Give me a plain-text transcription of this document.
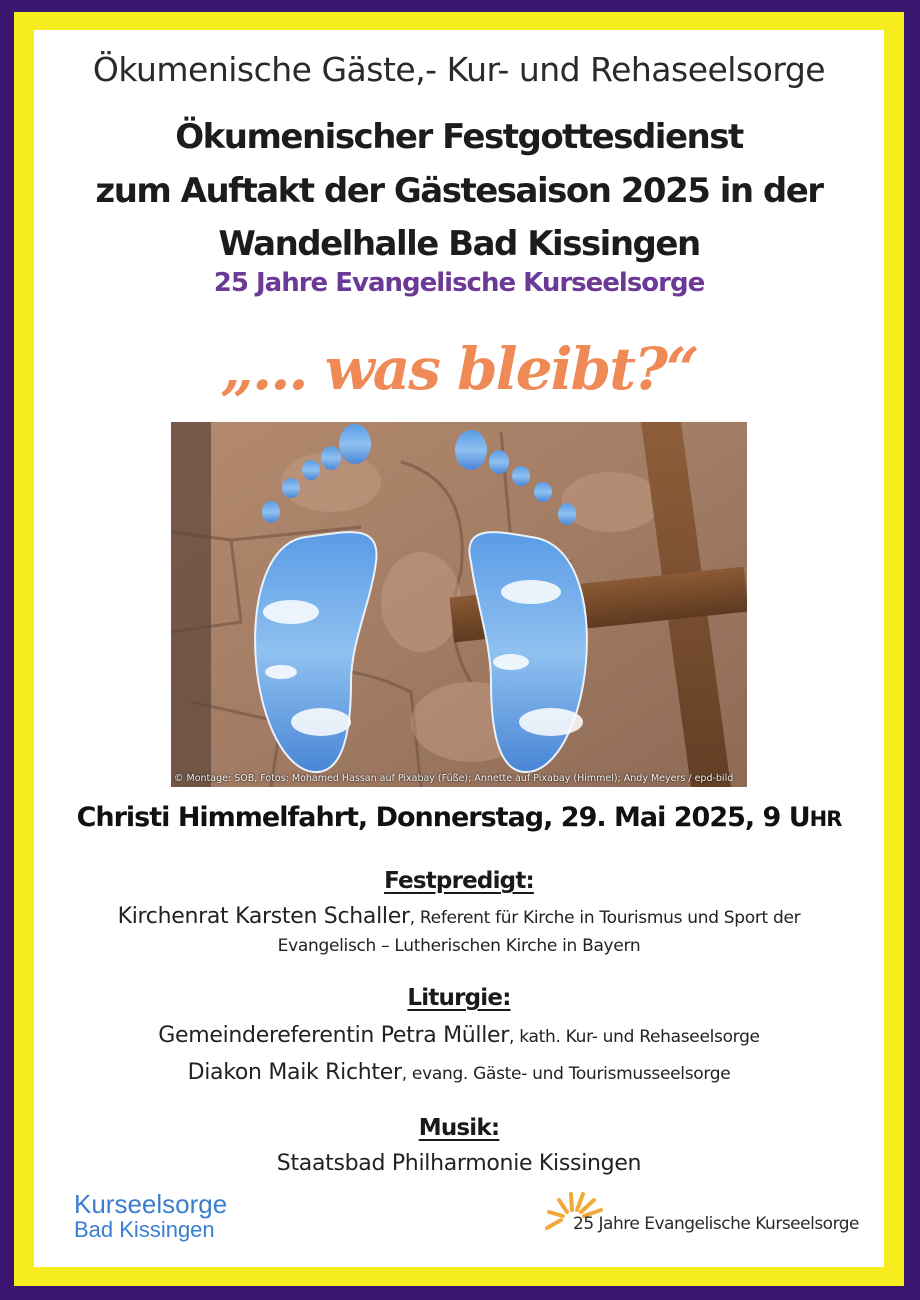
Ökumenische Gäste,- Kur- und Rehaseelsorge
Ökumenischer Festgottesdienst
zum Auftakt der Gästesaison 2025 in der
Wandelhalle Bad Kissingen
25 Jahre Evangelische Kurseelsorge
„... was bleibt?“
© Montage: SOB, Fotos: Mohamed Hassan auf Pixabay (Füße); Annette auf Pixabay (Himmel); Andy Meyers / epd-bild
Christi Himmelfahrt, Donnerstag, 29. Mai 2025, 9 UHR
Festpredigt:
Kirchenrat Karsten Schaller, Referent für Kirche in Tourismus und Sport der
Evangelisch – Lutherischen Kirche in Bayern
Liturgie:
Gemeindereferentin Petra Müller, kath. Kur- und Rehaseelsorge
Diakon Maik Richter, evang. Gäste- und Tourismusseelsorge
Musik:
Staatsbad Philharmonie Kissingen
Kurseelsorge
Bad Kissingen	25 Jahre Evangelische Kurseelsorge
